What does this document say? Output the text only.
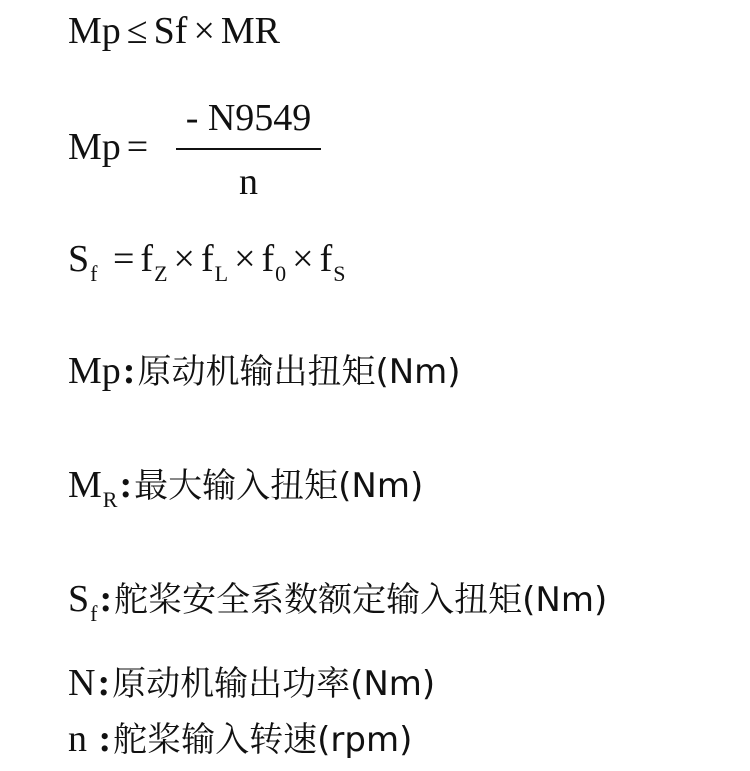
Mp ≤ Sf × MR
$Mp = \frac{- N9549}{n}$
$S_f = f_Z \times f_L \times f_0 \times f_S$
Mp:原动机输出扭矩(Nm)
$M_R$:最大输入扭矩(Nm)
$S_f$:舵桨安全系数额定输入扭矩(Nm)
N:原动机输出功率(Nm)
n :舵桨输入转速(rpm)
